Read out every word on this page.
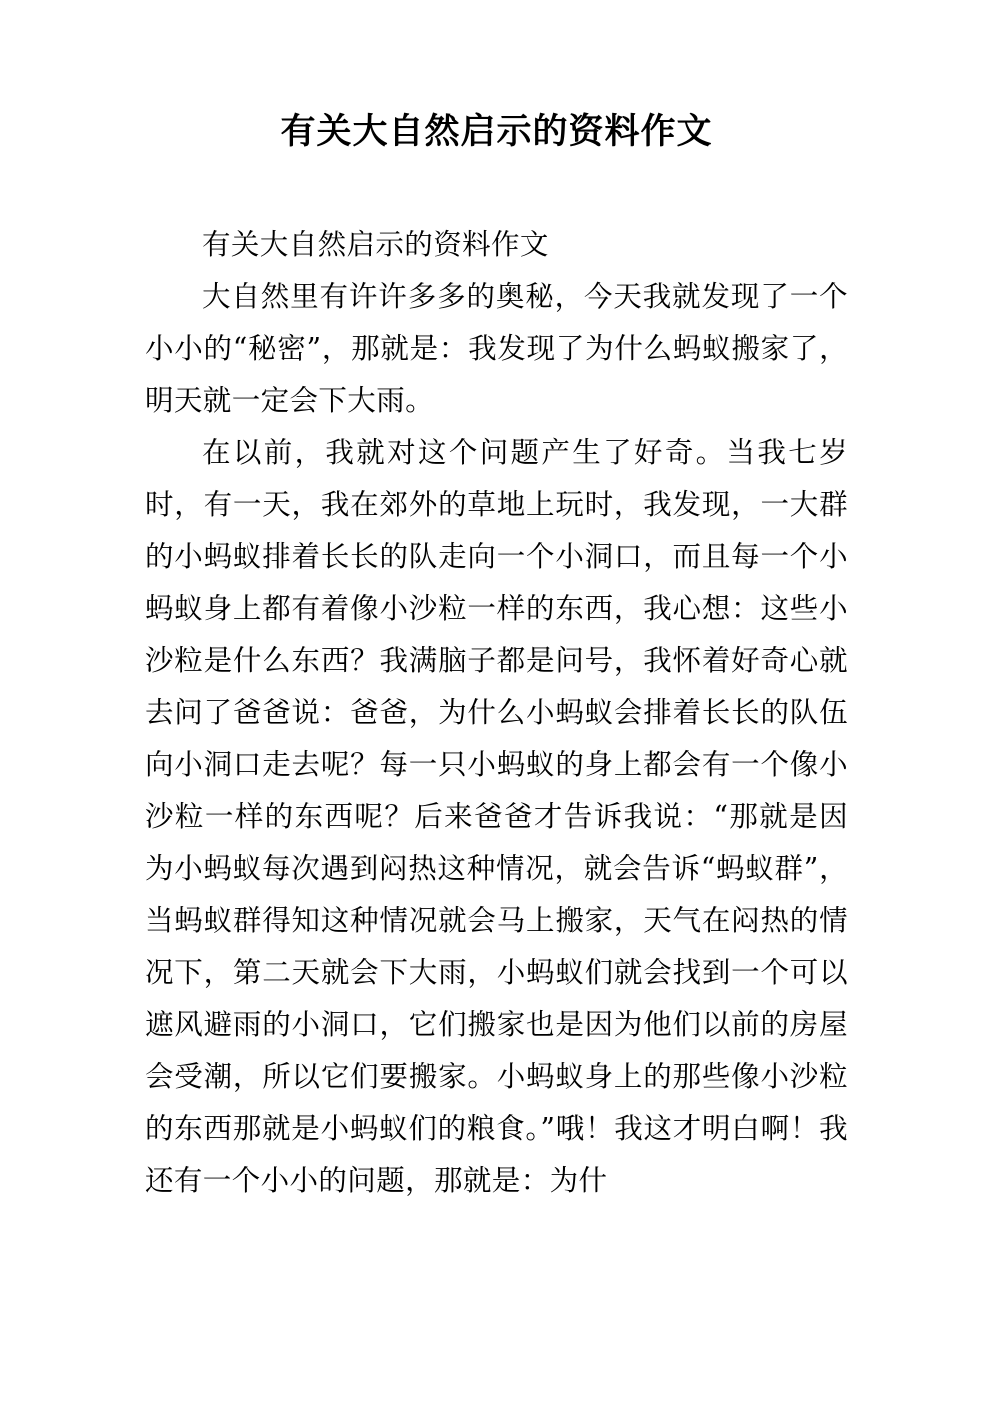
有关大自然启示的资料作文

有关大自然启示的资料作文

大自然里有许许多多的奥秘，今天我就发现了一个小小的“秘密”，那就是：我发现了为什么蚂蚁搬家了，明天就一定会下大雨。

在以前，我就对这个问题产生了好奇。当我七岁时，有一天，我在郊外的草地上玩时，我发现，一大群的小蚂蚁排着长长的队走向一个小洞口，而且每一个小蚂蚁身上都有着像小沙粒一样的东西，我心想：这些小沙粒是什么东西？我满脑子都是问号，我怀着好奇心就去问了爸爸说：爸爸，为什么小蚂蚁会排着长长的队伍向小洞口走去呢？每一只小蚂蚁的身上都会有一个像小沙粒一样的东西呢？后来爸爸才告诉我说：“那就是因为小蚂蚁每次遇到闷热这种情况，就会告诉“蚂蚁群”，当蚂蚁群得知这种情况就会马上搬家，天气在闷热的情况下，第二天就会下大雨，小蚂蚁们就会找到一个可以遮风避雨的小洞口，它们搬家也是因为他们以前的房屋会受潮，所以它们要搬家。小蚂蚁身上的那些像小沙粒的东西那就是小蚂蚁们的粮食。”哦！我这才明白啊！我还有一个小小的问题，那就是：为什
